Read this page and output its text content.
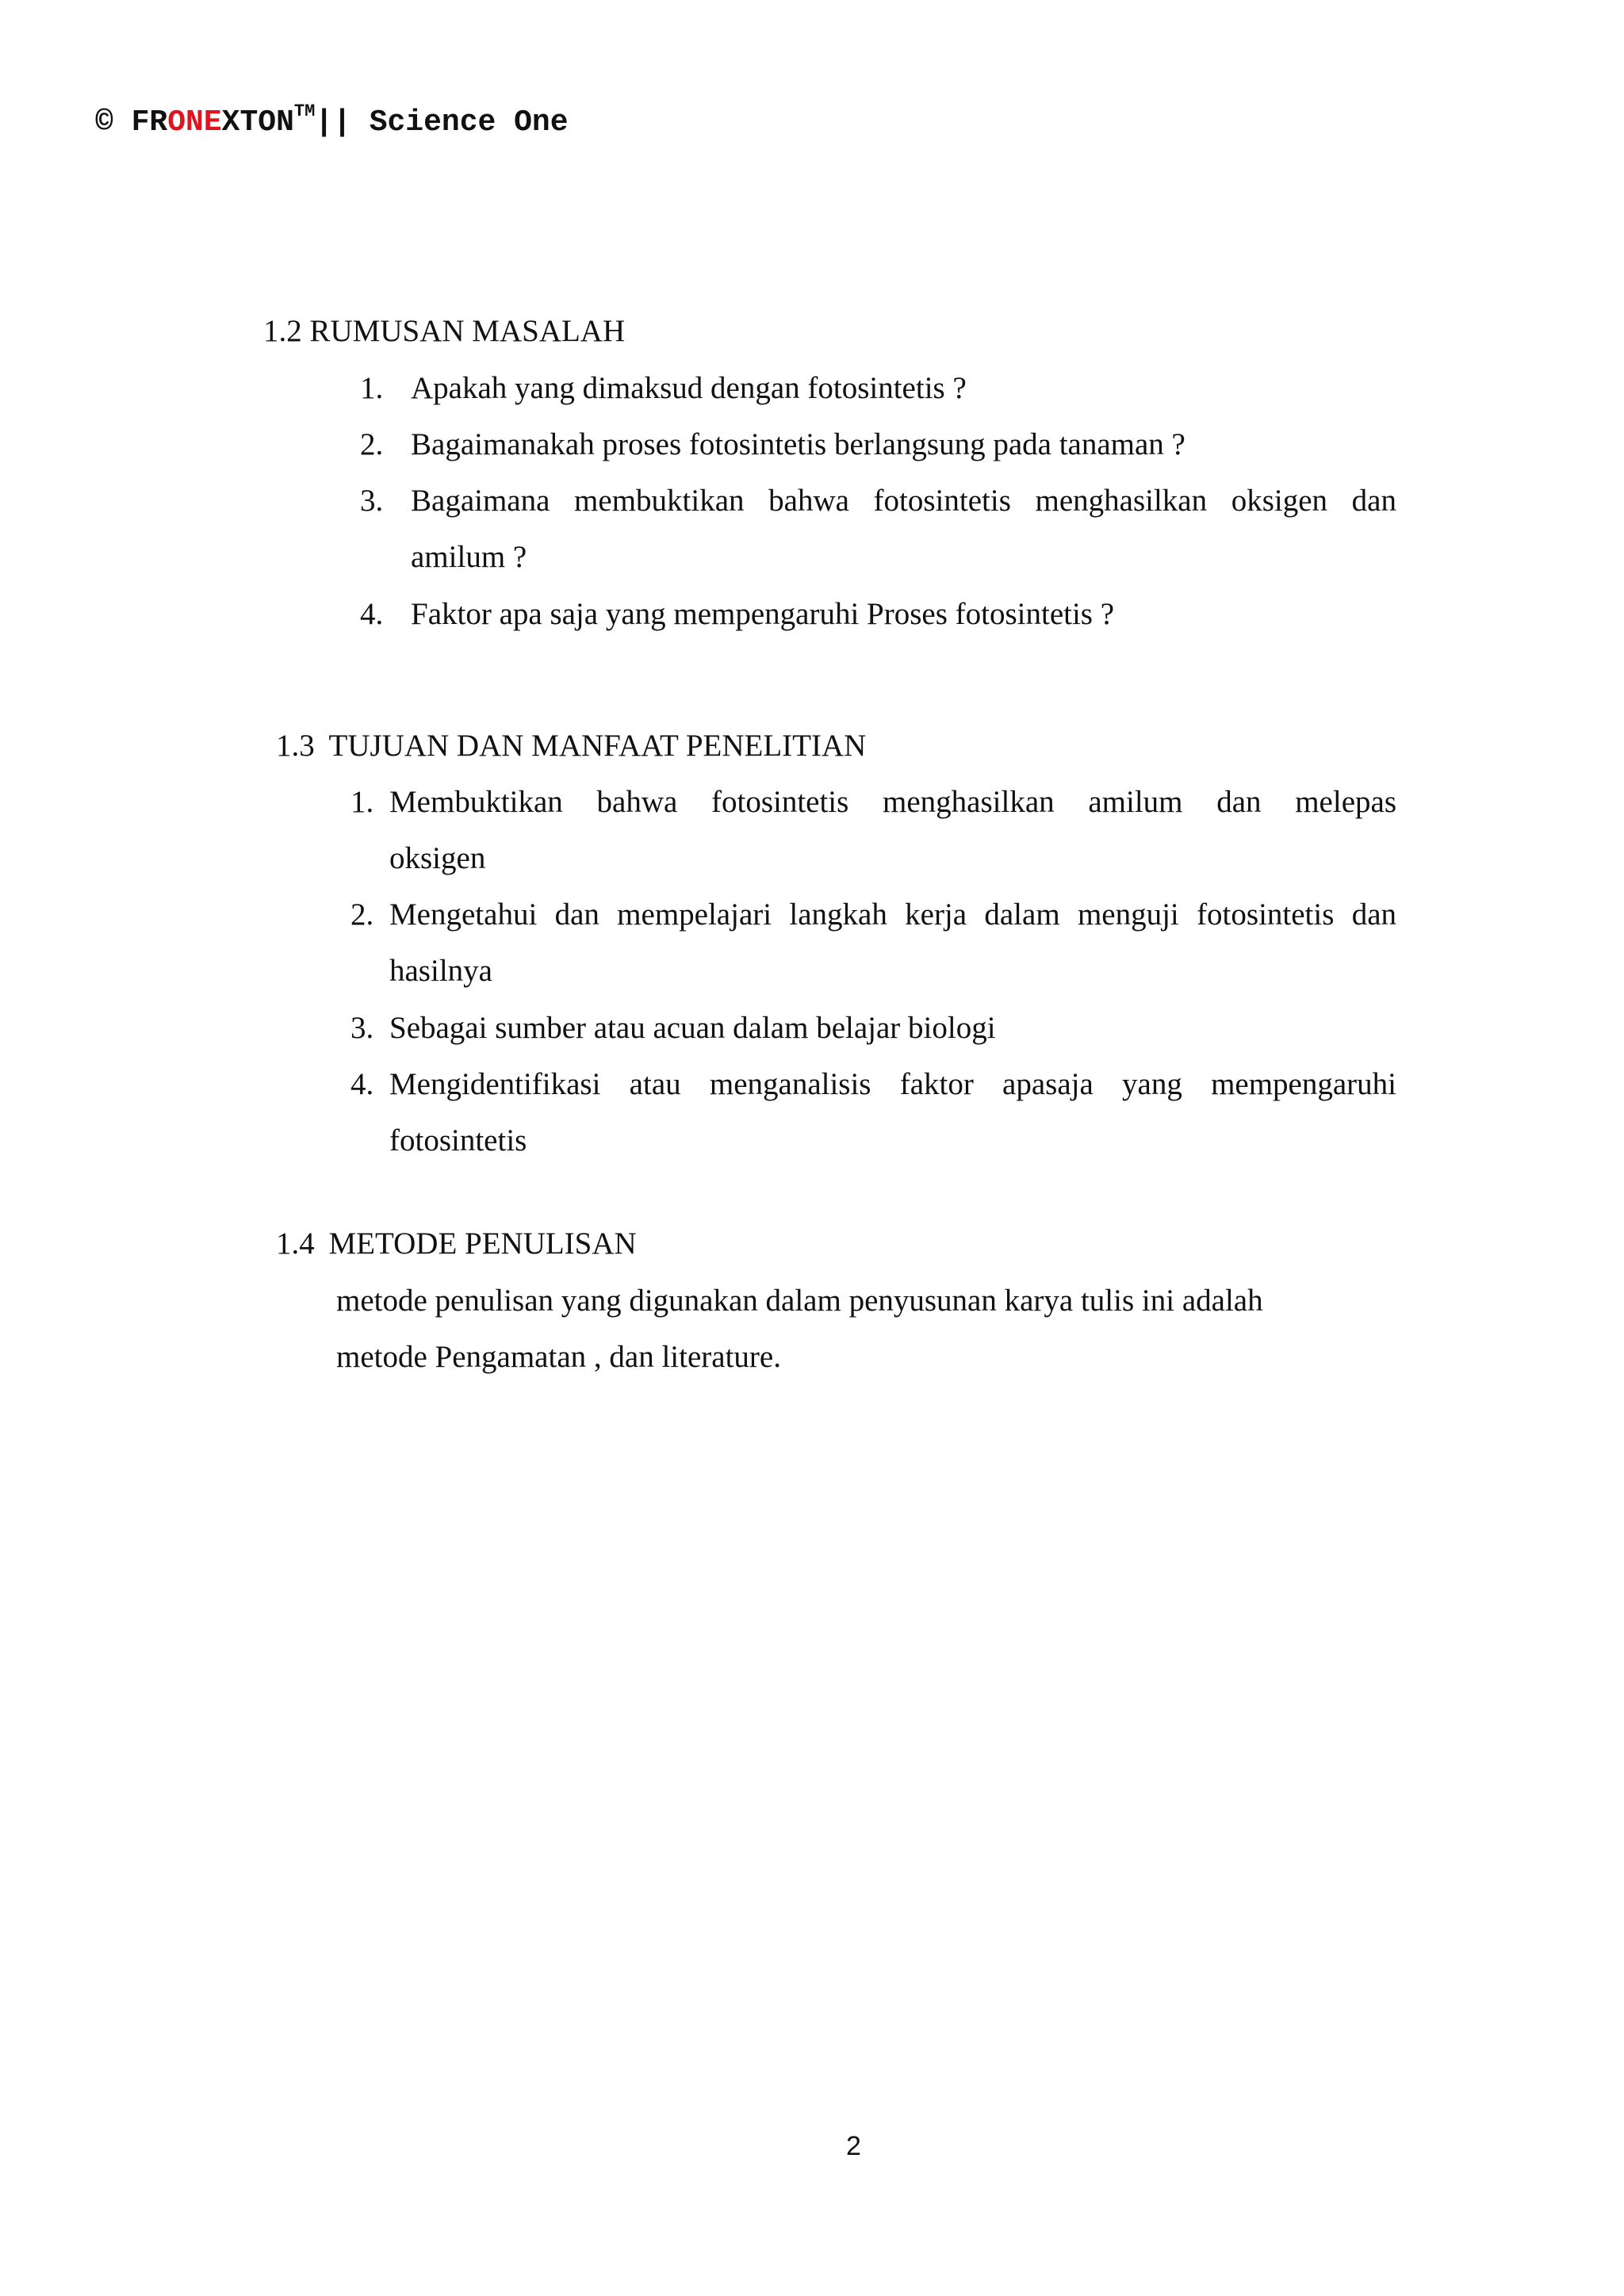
© FRONEXTON™|| Science One
1.2 RUMUSAN MASALAH
1. Apakah yang dimaksud dengan fotosintetis ?
2. Bagaimanakah proses fotosintetis berlangsung pada tanaman ?
3. Bagaimana membuktikan bahwa fotosintetis menghasilkan oksigen dan
amilum ?
4. Faktor apa saja yang mempengaruhi Proses fotosintetis ?
1.3 TUJUAN DAN MANFAAT PENELITIAN
1. Membuktikan bahwa fotosintetis menghasilkan amilum dan melepas
oksigen
2. Mengetahui dan mempelajari langkah kerja dalam menguji fotosintetis dan
hasilnya
3. Sebagai sumber atau acuan dalam belajar biologi
4. Mengidentifikasi atau menganalisis faktor apasaja yang mempengaruhi
fotosintetis
1.4 METODE PENULISAN
metode penulisan yang digunakan dalam penyusunan karya tulis ini adalah
metode Pengamatan , dan literature.
2
